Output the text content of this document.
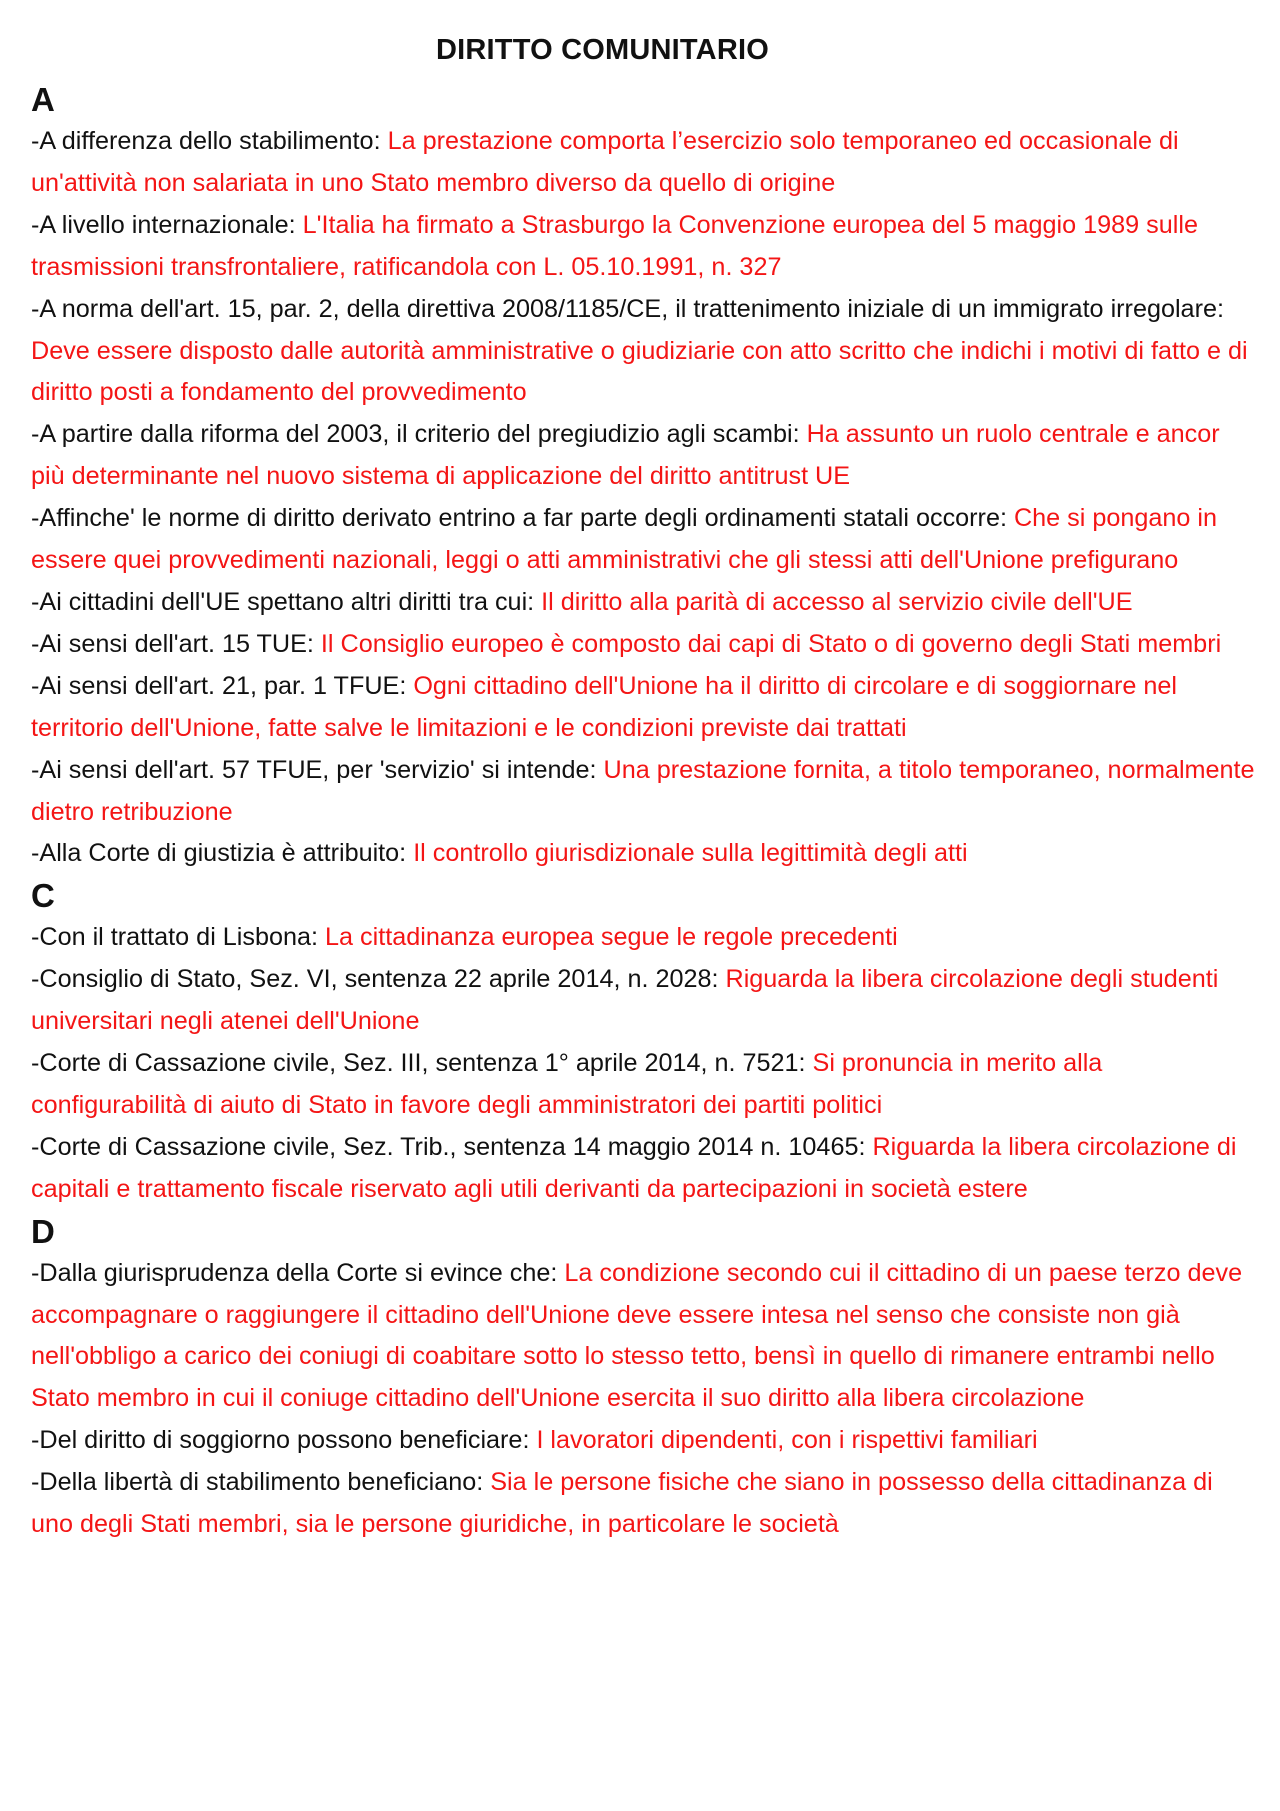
DIRITTO COMUNITARIO
A

-A differenza dello stabilimento: La prestazione comporta l’esercizio solo temporaneo ed occasionale di un'attività non salariata in uno Stato membro diverso da quello di origine

-A livello internazionale: L'Italia ha firmato a Strasburgo la Convenzione europea del 5 maggio 1989 sulle trasmissioni transfrontaliere, ratificandola con L. 05.10.1991, n. 327

-A norma dell'art. 15, par. 2, della direttiva 2008/1185/CE, il trattenimento iniziale di un immigrato irregolare: Deve essere disposto dalle autorità amministrative o giudiziarie con atto scritto che indichi i motivi di fatto e di diritto posti a fondamento del provvedimento

-A partire dalla riforma del 2003, il criterio del pregiudizio agli scambi: Ha assunto un ruolo centrale e ancor più determinante nel nuovo sistema di applicazione del diritto antitrust UE

-Affinche' le norme di diritto derivato entrino a far parte degli ordinamenti statali occorre: Che si pongano in essere quei provvedimenti nazionali, leggi o atti amministrativi che gli stessi atti dell'Unione prefigurano

-Ai cittadini dell'UE spettano altri diritti tra cui: Il diritto alla parità di accesso al servizio civile dell'UE

-Ai sensi dell'art. 15 TUE: Il Consiglio europeo è composto dai capi di Stato o di governo degli Stati membri

-Ai sensi dell'art. 21, par. 1 TFUE: Ogni cittadino dell'Unione ha il diritto di circolare e di soggiornare nel territorio dell'Unione, fatte salve le limitazioni e le condizioni previste dai trattati

-Ai sensi dell'art. 57 TFUE, per 'servizio' si intende: Una prestazione fornita, a titolo temporaneo, normalmente dietro retribuzione

-Alla Corte di giustizia è attribuito: Il controllo giurisdizionale sulla legittimità degli atti

C

-Con il trattato di Lisbona: La cittadinanza europea segue le regole precedenti

-Consiglio di Stato, Sez. VI, sentenza 22 aprile 2014, n. 2028: Riguarda la libera circolazione degli studenti universitari negli atenei dell'Unione

-Corte di Cassazione civile, Sez. III, sentenza 1° aprile 2014, n. 7521: Si pronuncia in merito alla configurabilità di aiuto di Stato in favore degli amministratori dei partiti politici

-Corte di Cassazione civile, Sez. Trib., sentenza 14 maggio 2014 n. 10465: Riguarda la libera circolazione di capitali e trattamento fiscale riservato agli utili derivanti da partecipazioni in società estere

D

-Dalla giurisprudenza della Corte si evince che: La condizione secondo cui il cittadino di un paese terzo deve accompagnare o raggiungere il cittadino dell'Unione deve essere intesa nel senso che consiste non già nell'obbligo a carico dei coniugi di coabitare sotto lo stesso tetto, bensì in quello di rimanere entrambi nello Stato membro in cui il coniuge cittadino dell'Unione esercita il suo diritto alla libera circolazione

-Del diritto di soggiorno possono beneficiare: I lavoratori dipendenti, con i rispettivi familiari

-Della libertà di stabilimento beneficiano: Sia le persone fisiche che siano in possesso della cittadinanza di uno degli Stati membri, sia le persone giuridiche, in particolare le società
